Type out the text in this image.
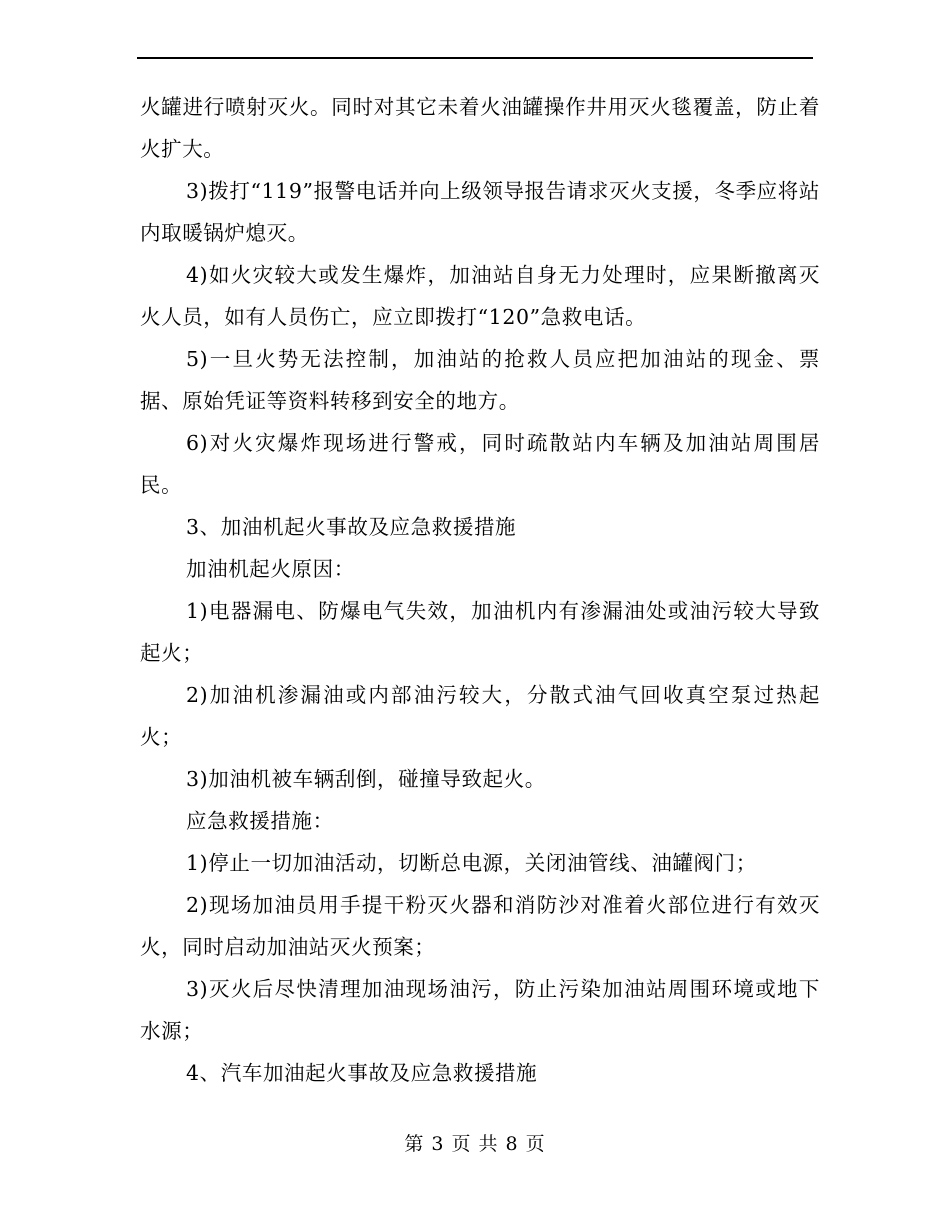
火罐进行喷射灭火。同时对其它未着火油罐操作井用灭火毯覆盖，防止着火扩大。

3)拨打“119”报警电话并向上级领导报告请求灭火支援，冬季应将站内取暖锅炉熄灭。

4)如火灾较大或发生爆炸，加油站自身无力处理时，应果断撤离灭火人员，如有人员伤亡，应立即拨打“120”急救电话。

5)一旦火势无法控制，加油站的抢救人员应把加油站的现金、票据、原始凭证等资料转移到安全的地方。

6)对火灾爆炸现场进行警戒，同时疏散站内车辆及加油站周围居民。

3、加油机起火事故及应急救援措施

加油机起火原因：

1)电器漏电、防爆电气失效，加油机内有渗漏油处或油污较大导致起火；

2)加油机渗漏油或内部油污较大，分散式油气回收真空泵过热起火；

3)加油机被车辆刮倒，碰撞导致起火。

应急救援措施：

1)停止一切加油活动，切断总电源，关闭油管线、油罐阀门；

2)现场加油员用手提干粉灭火器和消防沙对准着火部位进行有效灭火，同时启动加油站灭火预案；

3)灭火后尽快清理加油现场油污，防止污染加油站周围环境或地下水源；

4、汽车加油起火事故及应急救援措施

第 3 页 共 8 页
